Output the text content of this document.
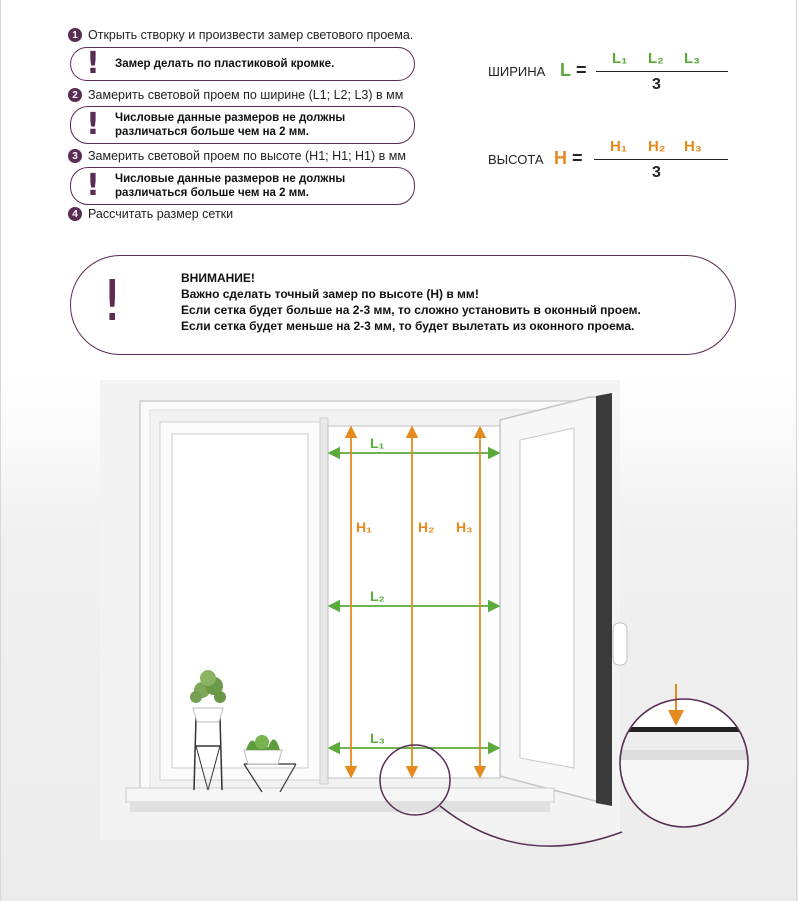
1 Открыть створку и произвести замер светового проема.
!	Замер делать по пластиковой кромке.
2 Замерить световой проем по ширине (L1; L2; L3) в мм
!	Числовые данные размеров не должны
различаться больше чем на 2 мм.
3 Замерить световой проем по высоте (H1; H1; H1) в мм
!	Числовые данные размеров не должны
различаться больше чем на 2 мм.
4 Рассчитать размер сетки
ШИРИНА L =
L₁ L₂ L₃
3
ВЫСОТА H =
H₁ H₂ H₃
3
!	ВНИМАНИЕ!
Важно сделать точный замер по высоте (Н) в мм!
Если сетка будет больше на 2-3 мм, то сложно установить в оконный проем.
Если сетка будет меньше на 2-3 мм, то будет вылетать из оконного проема.
L₁
L₂
L₃
H₁	H₂ H₃
